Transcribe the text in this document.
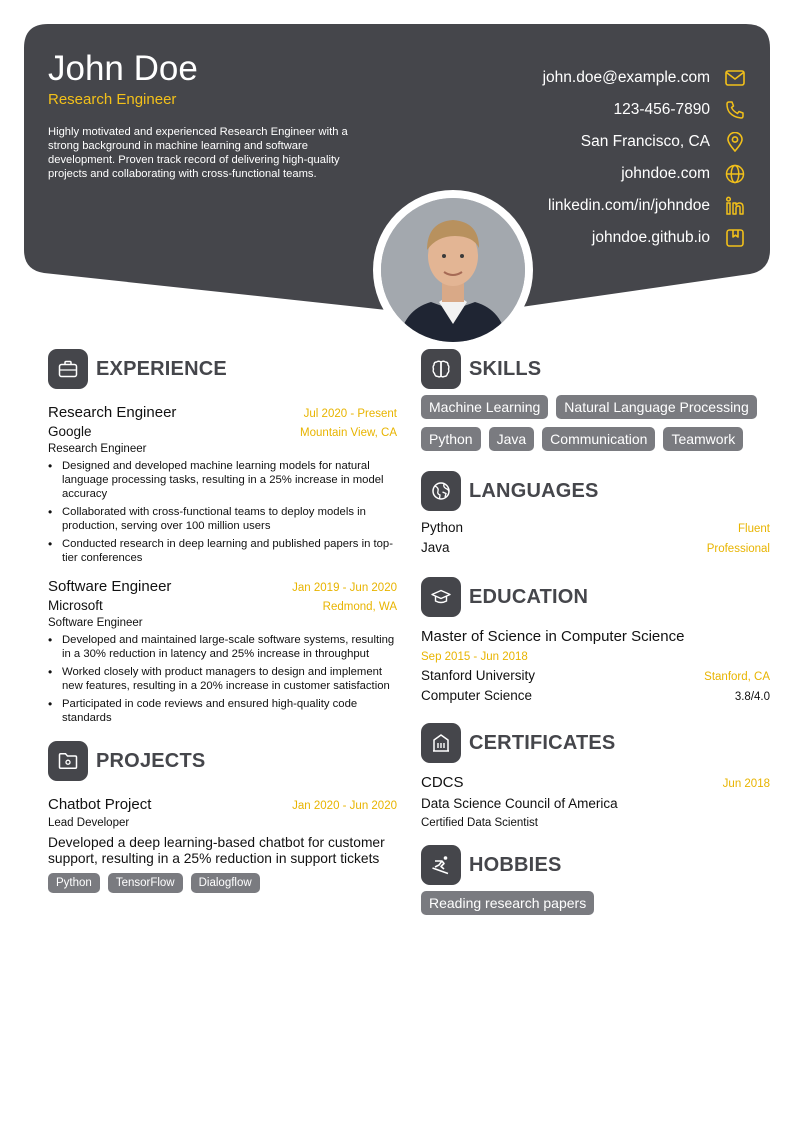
John Doe
Research Engineer
Highly motivated and experienced Research Engineer with a strong background in machine learning and software development. Proven track record of delivering high-quality projects and collaborating with cross-functional teams.
john.doe@example.com
123-456-7890
San Francisco, CA
johndoe.com
linkedin.com/in/johndoe
johndoe.github.io
EXPERIENCE
Research Engineer	Jul 2020 - Present
Google	Mountain View, CA
Research Engineer
• Designed and developed machine learning models for natural language processing tasks, resulting in a 25% increase in model accuracy
• Collaborated with cross-functional teams to deploy models in production, serving over 100 million users
• Conducted research in deep learning and published papers in top-tier conferences
Software Engineer	Jan 2019 - Jun 2020
Microsoft	Redmond, WA
Software Engineer
• Developed and maintained large-scale software systems, resulting in a 30% reduction in latency and 25% increase in throughput
• Worked closely with product managers to design and implement new features, resulting in a 20% increase in customer satisfaction
• Participated in code reviews and ensured high-quality code standards
PROJECTS
Chatbot Project	Jan 2020 - Jun 2020
Lead Developer
Developed a deep learning-based chatbot for customer support, resulting in a 25% reduction in support tickets
Python	TensorFlow	Dialogflow
SKILLS
Machine Learning	Natural Language Processing
Python	Java	Communication	Teamwork
LANGUAGES
Python	Fluent
Java	Professional
EDUCATION
Master of Science in Computer Science
Sep 2015 - Jun 2018
Stanford University	Stanford, CA
Computer Science	3.8/4.0
CERTIFICATES
CDCS	Jun 2018
Data Science Council of America
Certified Data Scientist
HOBBIES
Reading research papers
